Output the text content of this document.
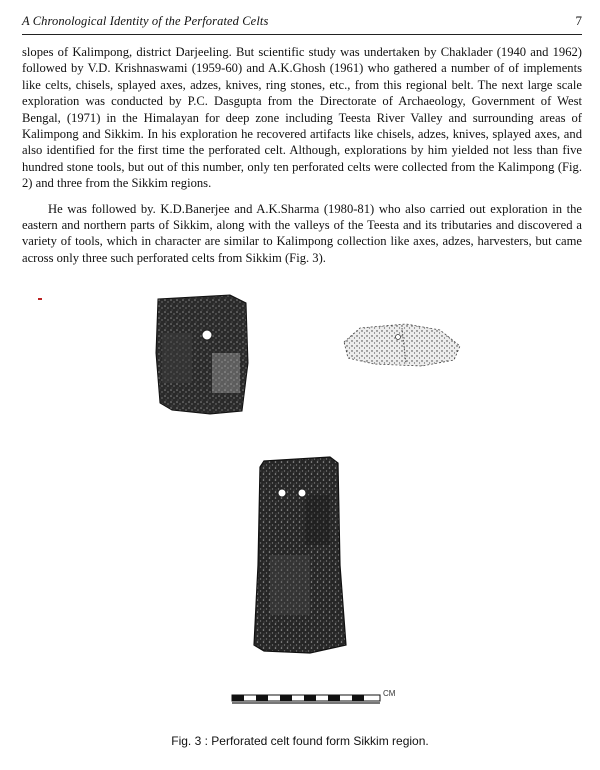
A Chronological Identity of the Perforated Celts	7

slopes of Kalimpong, district Darjeeling. But scientific study was undertaken by Chaklader (1940 and 1962) followed by V.D. Krishnaswami (1959-60) and A.K.Ghosh (1961) who gathered a number of of implements like celts, chisels, splayed axes, adzes, knives, ring stones, etc., from this regional belt. The next large scale exploration was conducted by P.C. Dasgupta from the Directorate of Archaeology, Government of West Bengal, (1971) in the Himalayan for deep zone including Teesta River Valley and surrounding areas of Kalimpong and Sikkim. In his exploration he recovered artifacts like chisels, adzes, knives, splayed axes, and also identified for the first time the perforated celt. Although, explorations by him yielded not less than five hundred stone tools, but out of this number, only ten perforated celts were collected from the Kalimpong (Fig. 2) and three from the Sikkim regions.

He was followed by. K.D.Banerjee and A.K.Sharma (1980-81) who also carried out exploration in the eastern and northern parts of Sikkim, along with the valleys of the Teesta and its tributaries and discovered a variety of tools, which in character are similar to Kalimpong collection like axes, adzes, harvesters, but came across only three such perforated celts from Sikkim (Fig. 3).

CM
Fig. 3 : Perforated celt found form Sikkim region.
